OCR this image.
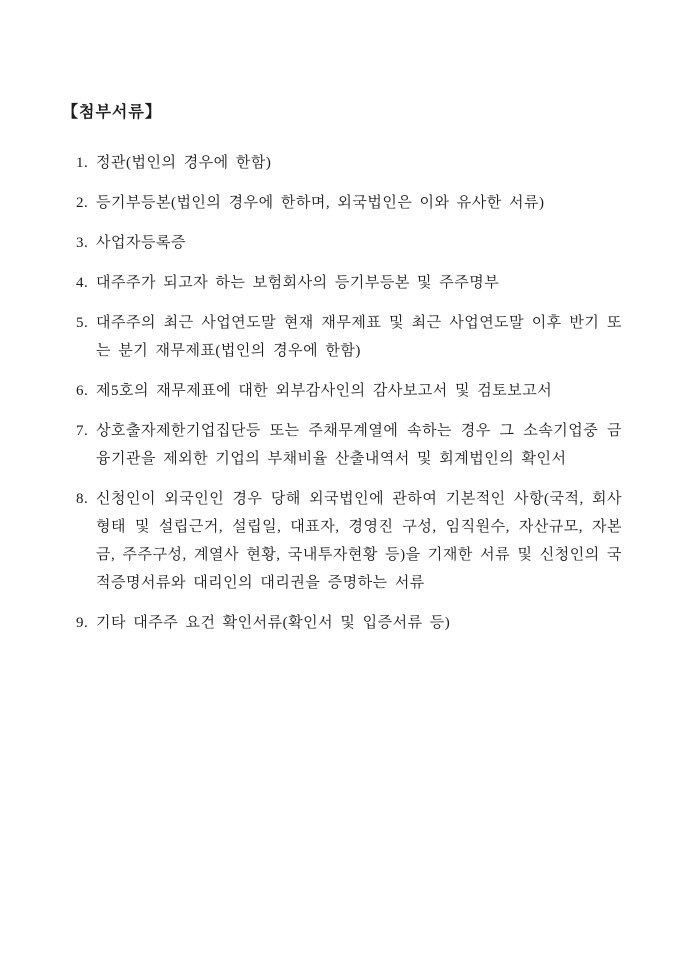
【첨부서류】
1. 정관(법인의 경우에 한함)
2. 등기부등본(법인의 경우에 한하며, 외국법인은 이와 유사한 서류)
3. 사업자등록증
4. 대주주가 되고자 하는 보험회사의 등기부등본 및 주주명부
5. 대주주의 최근 사업연도말 현재 재무제표 및 최근 사업연도말 이후 반기 또는 분기 재무제표(법인의 경우에 한함)
6. 제5호의 재무제표에 대한 외부감사인의 감사보고서 및 검토보고서
7. 상호출자제한기업집단등 또는 주채무계열에 속하는 경우 그 소속기업중 금융기관을 제외한 기업의 부채비율 산출내역서 및 회계법인의 확인서
8. 신청인이 외국인인 경우 당해 외국법인에 관하여 기본적인 사항(국적, 회사형태 및 설립근거, 설립일, 대표자, 경영진 구성, 임직원수, 자산규모, 자본금, 주주구성, 계열사 현황, 국내투자현황 등)을 기재한 서류 및 신청인의 국적증명서류와 대리인의 대리권을 증명하는 서류
9. 기타 대주주 요건 확인서류(확인서 및 입증서류 등)
